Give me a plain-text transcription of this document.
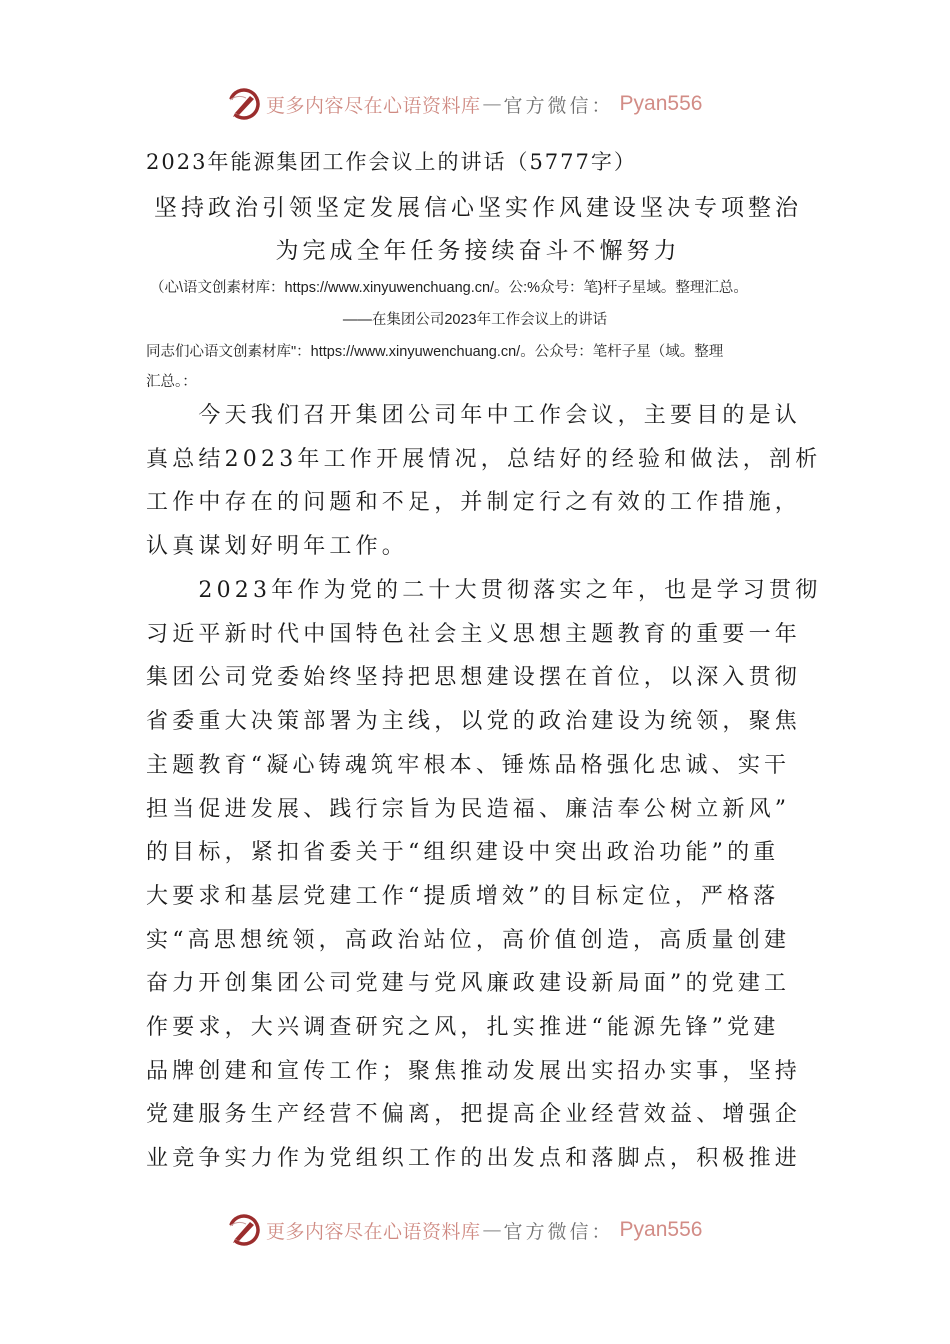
更多内容尽在心语资料库 — 官方微信： Pyan556
2023年能源集团工作会议上的讲话（5777字）
坚持政治引领坚定发展信心坚实作风建设坚决专项整治
为完成全年任务接续奋斗不懈努力
（心\语文创素材库：https://www.xinyuwenchuang.cn/。公:%众号：笔}杆子星域。整理汇总。
——在集团公司2023年工作会议上的讲话
同志们心语文创素材库"：https://www.xinyuwenchuang.cn/。公众号：笔杆子星（域。整理
汇总。：
　　今天我们召开集团公司年中工作会议，主要目的是认
真总结2023年工作开展情况，总结好的经验和做法，剖析
工作中存在的问题和不足，并制定行之有效的工作措施，
认真谋划好明年工作。
　　2023年作为党的二十大贯彻落实之年，也是学习贯彻
习近平新时代中国特色社会主义思想主题教育的重要一年
集团公司党委始终坚持把思想建设摆在首位，以深入贯彻
省委重大决策部署为主线，以党的政治建设为统领，聚焦
主题教育“凝心铸魂筑牢根本、锤炼品格强化忠诚、实干
担当促进发展、践行宗旨为民造福、廉洁奉公树立新风”
的目标，紧扣省委关于“组织建设中突出政治功能”的重
大要求和基层党建工作“提质增效”的目标定位，严格落
实“高思想统领，高政治站位，高价值创造，高质量创建
奋力开创集团公司党建与党风廉政建设新局面”的党建工
作要求，大兴调查研究之风，扎实推进“能源先锋”党建
品牌创建和宣传工作；聚焦推动发展出实招办实事，坚持
党建服务生产经营不偏离，把提高企业经营效益、增强企
业竞争实力作为党组织工作的出发点和落脚点，积极推进
更多内容尽在心语资料库 — 官方微信： Pyan556
